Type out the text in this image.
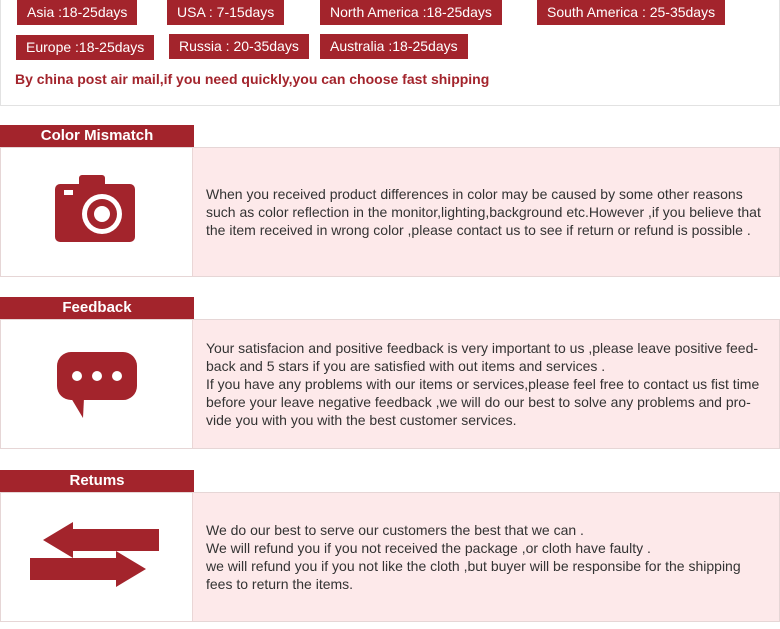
Asia :18-25days	USA : 7-15days	North America :18-25days	South America : 25-35days
Europe :18-25days	Russia : 20-35days	Australia :18-25days
By china post air mail,if you need quickly,you can choose fast shipping
Color Mismatch

When you received product differences in color may be caused by some other reasons such as color reflection in the monitor,lighting,background etc.However ,if you believe that the item received in wrong color ,please contact us to see if return or refund is possible .

Feedback

Your satisfacion and positive feedback is very important to us ,please leave positive feed-back and 5 stars if you are satisfied with out items and services .
If you have any problems with our items or services,please feel free to contact us fist time before your leave negative feedback ,we will do our best to solve any problems and pro-vide you with you with the best customer services.

Retums

We do our best to serve our customers the best that we can .
We will refund you if you not received the package ,or cloth have faulty .
we will refund you if you not like the cloth ,but buyer will be responsibe for the shipping fees to return the items.
